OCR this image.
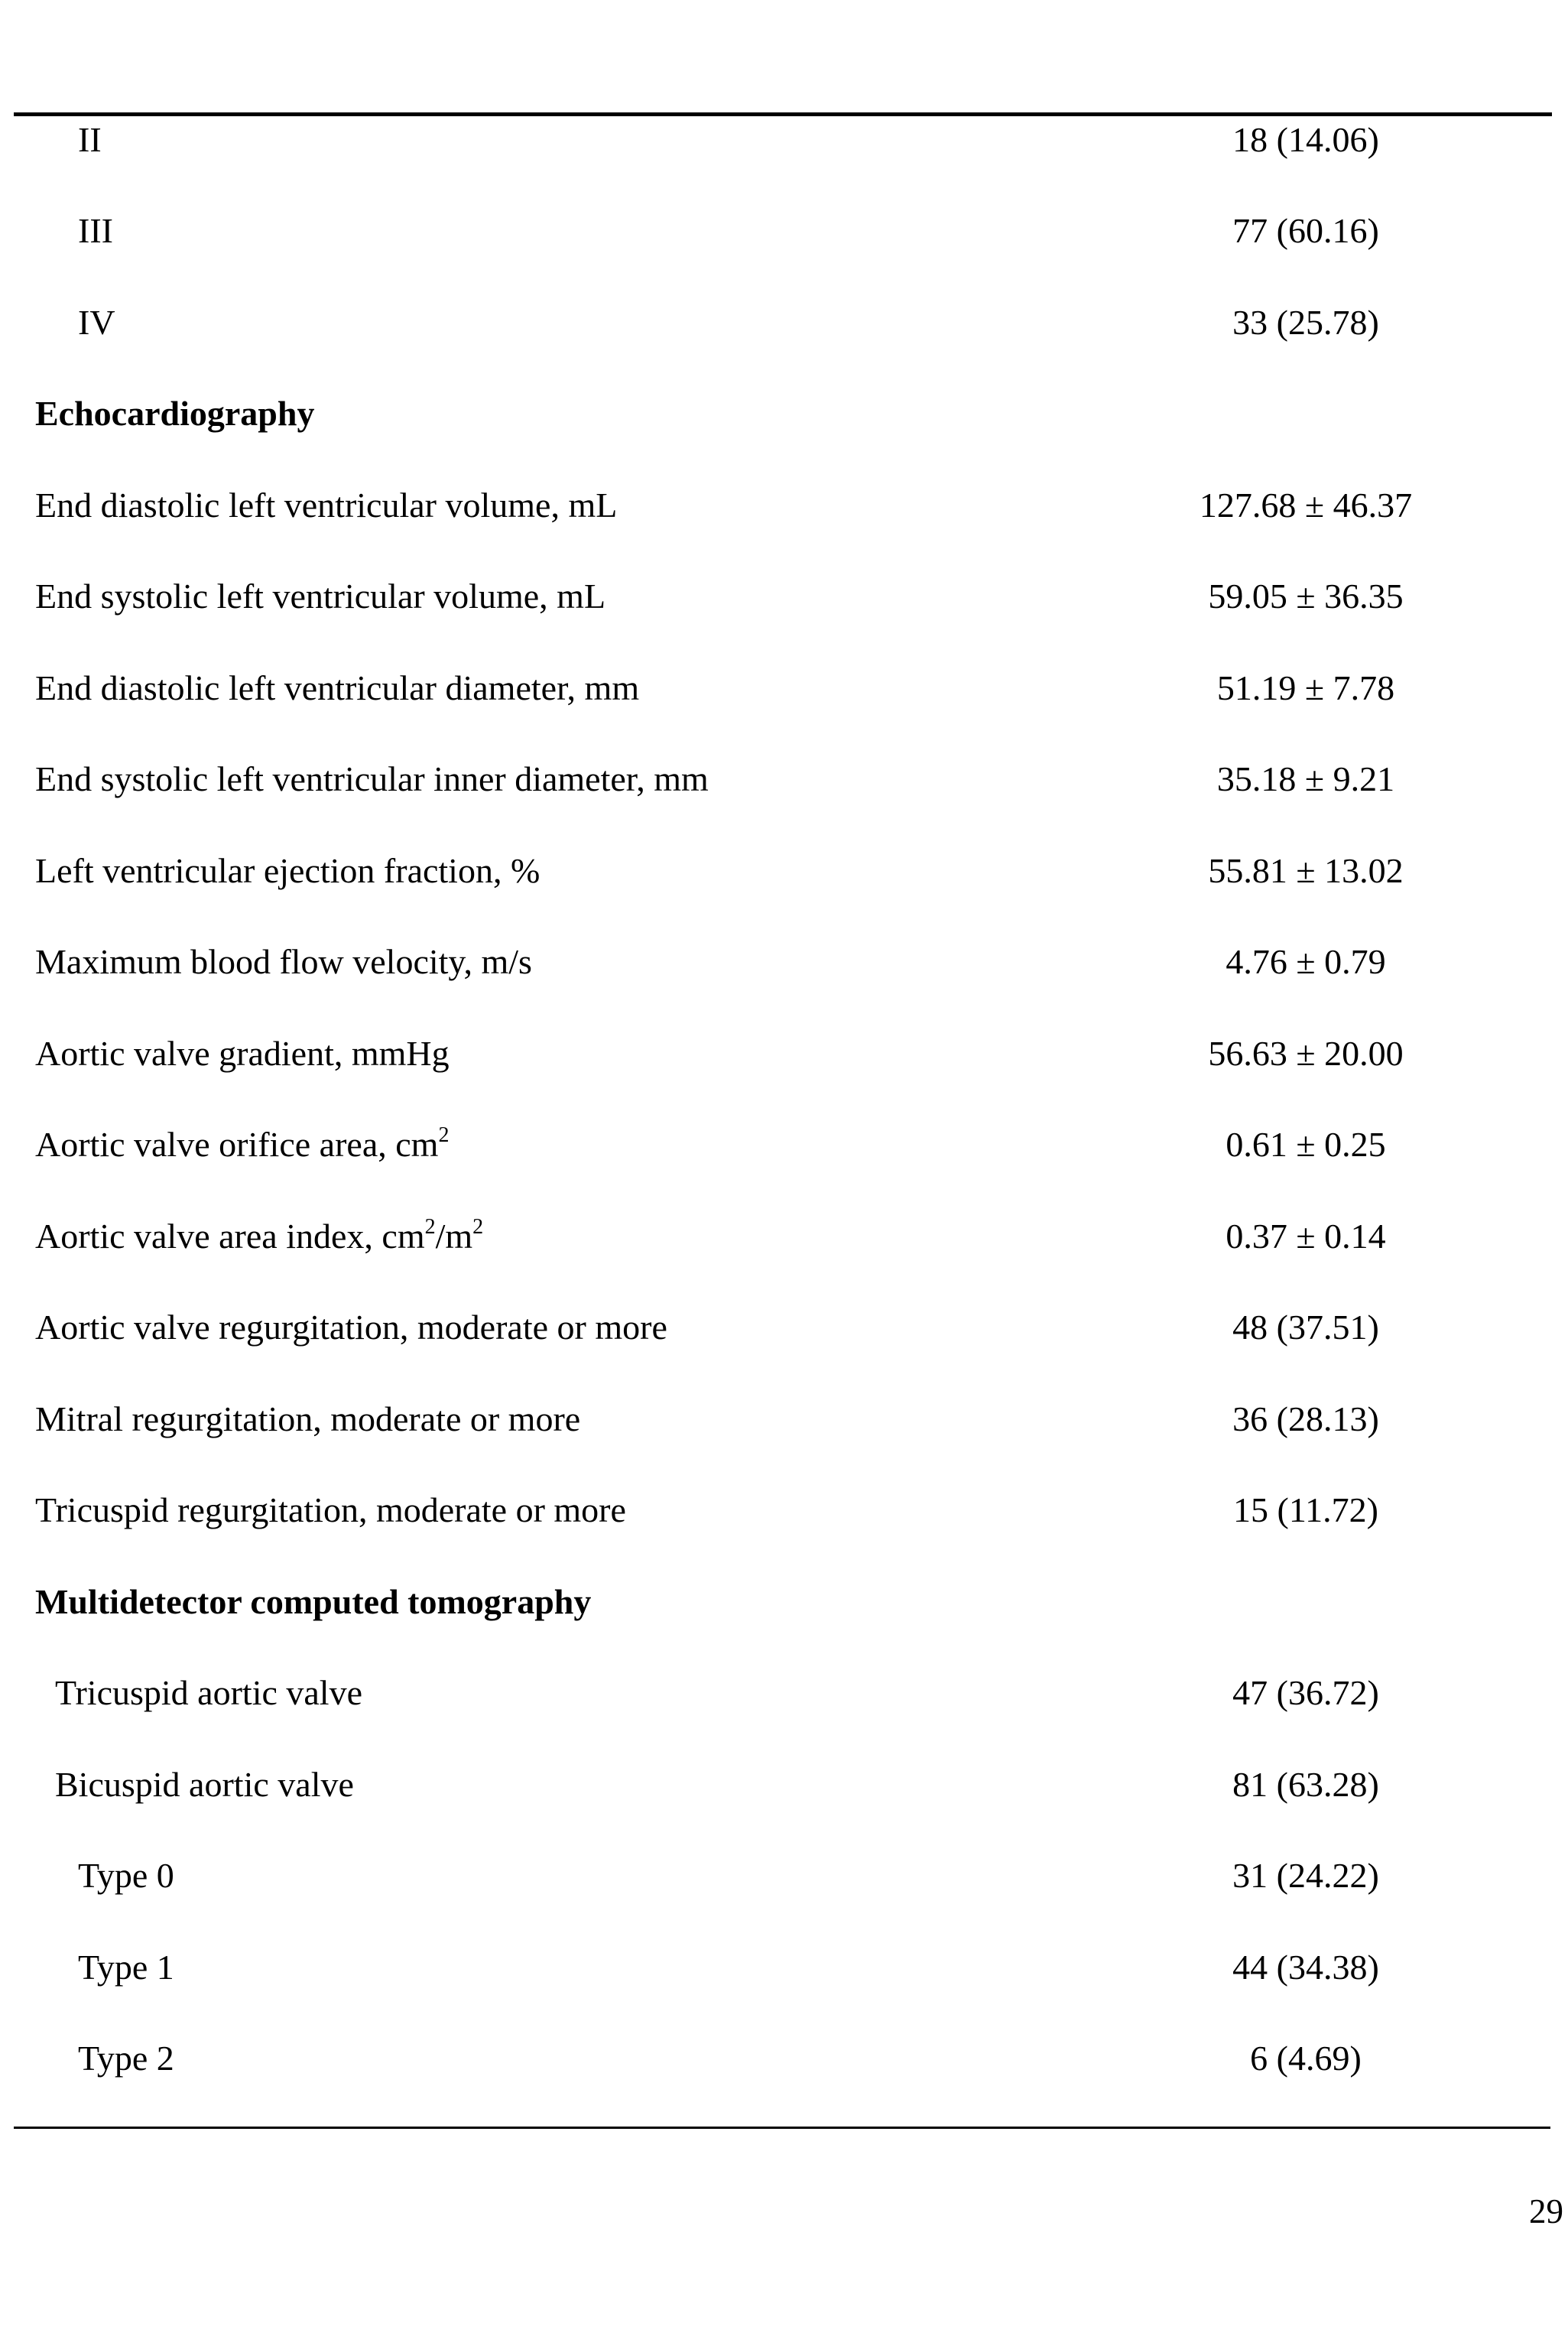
II	18 (14.06)
III	77 (60.16)
IV	33 (25.78)
Echocardiography
End diastolic left ventricular volume, mL	127.68 ± 46.37
End systolic left ventricular volume, mL	59.05 ± 36.35
End diastolic left ventricular diameter, mm	51.19 ± 7.78
End systolic left ventricular inner diameter, mm	35.18 ± 9.21
Left ventricular ejection fraction, %	55.81 ± 13.02
Maximum blood flow velocity, m/s	4.76 ± 0.79
Aortic valve gradient, mmHg	56.63 ± 20.00
Aortic valve orifice area, $cm^2$	0.61 ± 0.25
Aortic valve area index, $cm^2/m^2$	0.37 ± 0.14
Aortic valve regurgitation, moderate or more	48 (37.51)
Mitral regurgitation, moderate or more	36 (28.13)
Tricuspid regurgitation, moderate or more	15 (11.72)
Multidetector computed tomography
Tricuspid aortic valve	47 (36.72)
Bicuspid aortic valve	81 (63.28)
Type 0	31 (24.22)
Type 1	44 (34.38)
Type 2	6 (4.69)
29
